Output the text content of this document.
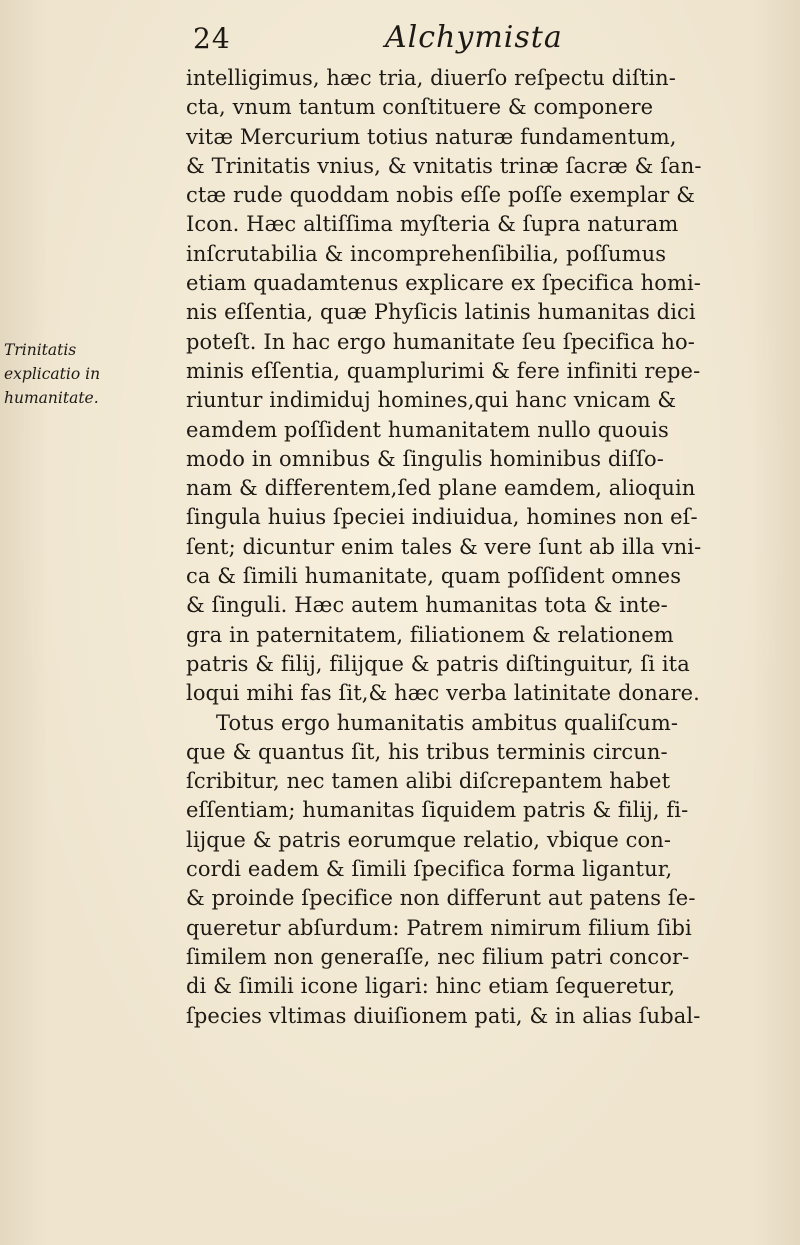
24	Alchymista
Trinitatis
explicatio in
humanitate.
intelligimus, hæc tria, diuerſo reſpectu diſtin-
cta, vnum tantum conſtituere & componere
vitæ Mercurium totius naturæ fundamentum,
& Trinitatis vnius, & vnitatis trinæ ſacræ & ſan-
ctæ rude quoddam nobis eſſe poſſe exemplar &
Icon. Hæc altiſſima myſteria & ſupra naturam
inſcrutabilia & incomprehenſibilia, poſſumus
etiam quadamtenus explicare ex ſpecifica homi-
nis eſſentia, quæ Phyſicis latinis humanitas dici
poteſt. In hac ergo humanitate ſeu ſpecifica ho-
minis eſſentia, quamplurimi & fere infiniti repe-
riuntur indimiduj homines,qui hanc vnicam &
eamdem poſſident humanitatem nullo quouis
modo in omnibus & ſingulis hominibus diſſo-
nam & differentem,ſed plane eamdem, alioquin
ſingula huius ſpeciei indiuidua, homines non eſ-
ſent; dicuntur enim tales & vere ſunt ab illa vni-
ca & ſimili humanitate, quam poſſident omnes
& ſinguli. Hæc autem humanitas tota & inte-
gra in paternitatem, filiationem & relationem
patris & filij, filijque & patris diſtinguitur, ſi ita
loqui mihi fas ſit,& hæc verba latinitate donare.
Totus ergo humanitatis ambitus qualiſcum-
que & quantus ſit, his tribus terminis circun-
ſcribitur, nec tamen alibi diſcrepantem habet
eſſentiam; humanitas ſiquidem patris & filij, fi-
lijque & patris eorumque relatio, vbique con-
cordi eadem & ſimili ſpecifica forma ligantur,
& proinde ſpecifice non differunt aut patens ſe-
queretur abſurdum: Patrem nimirum filium ſibi
ſimilem non generaſſe, nec filium patri concor-
di & ſimili icone ligari: hinc etiam ſequeretur,
ſpecies vltimas diuiſionem pati, & in alias ſubal-
